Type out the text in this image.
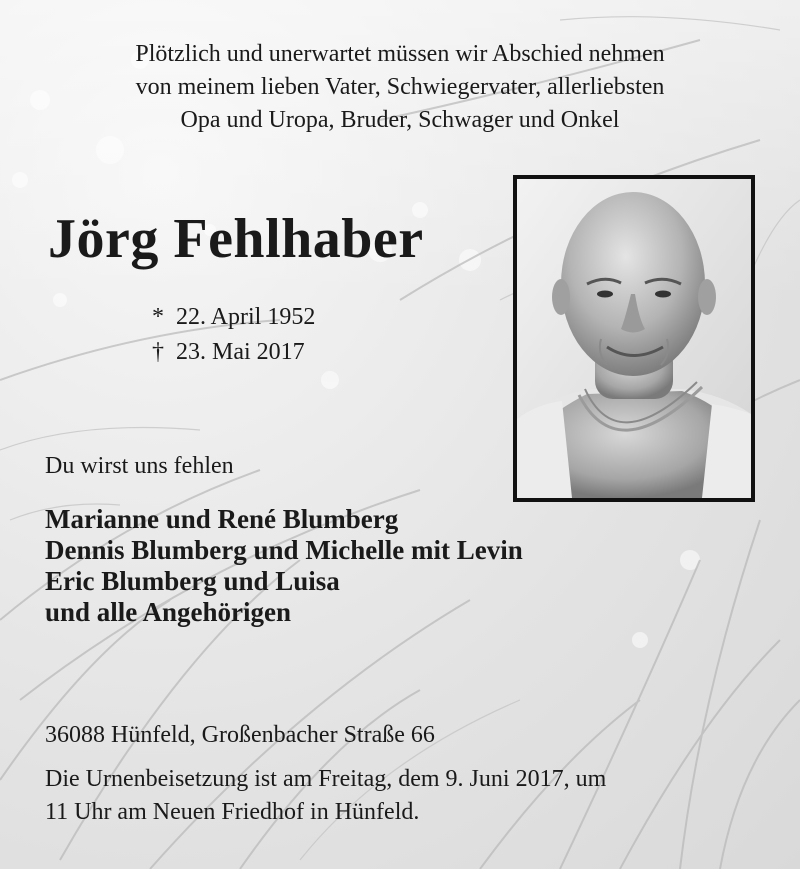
Plötzlich und unerwartet müssen wir Abschied nehmen
von meinem lieben Vater, Schwiegervater, allerliebsten
Opa und Uropa, Bruder, Schwager und Onkel
Jörg Fehlhaber
* 22. April 1952
† 23. Mai 2017
Du wirst uns fehlen
Marianne und René Blumberg
Dennis Blumberg und Michelle mit Levin
Eric Blumberg und Luisa
und alle Angehörigen
36088 Hünfeld, Großenbacher Straße 66
Die Urnenbeisetzung ist am Freitag, dem 9. Juni 2017, um
11 Uhr am Neuen Friedhof in Hünfeld.
